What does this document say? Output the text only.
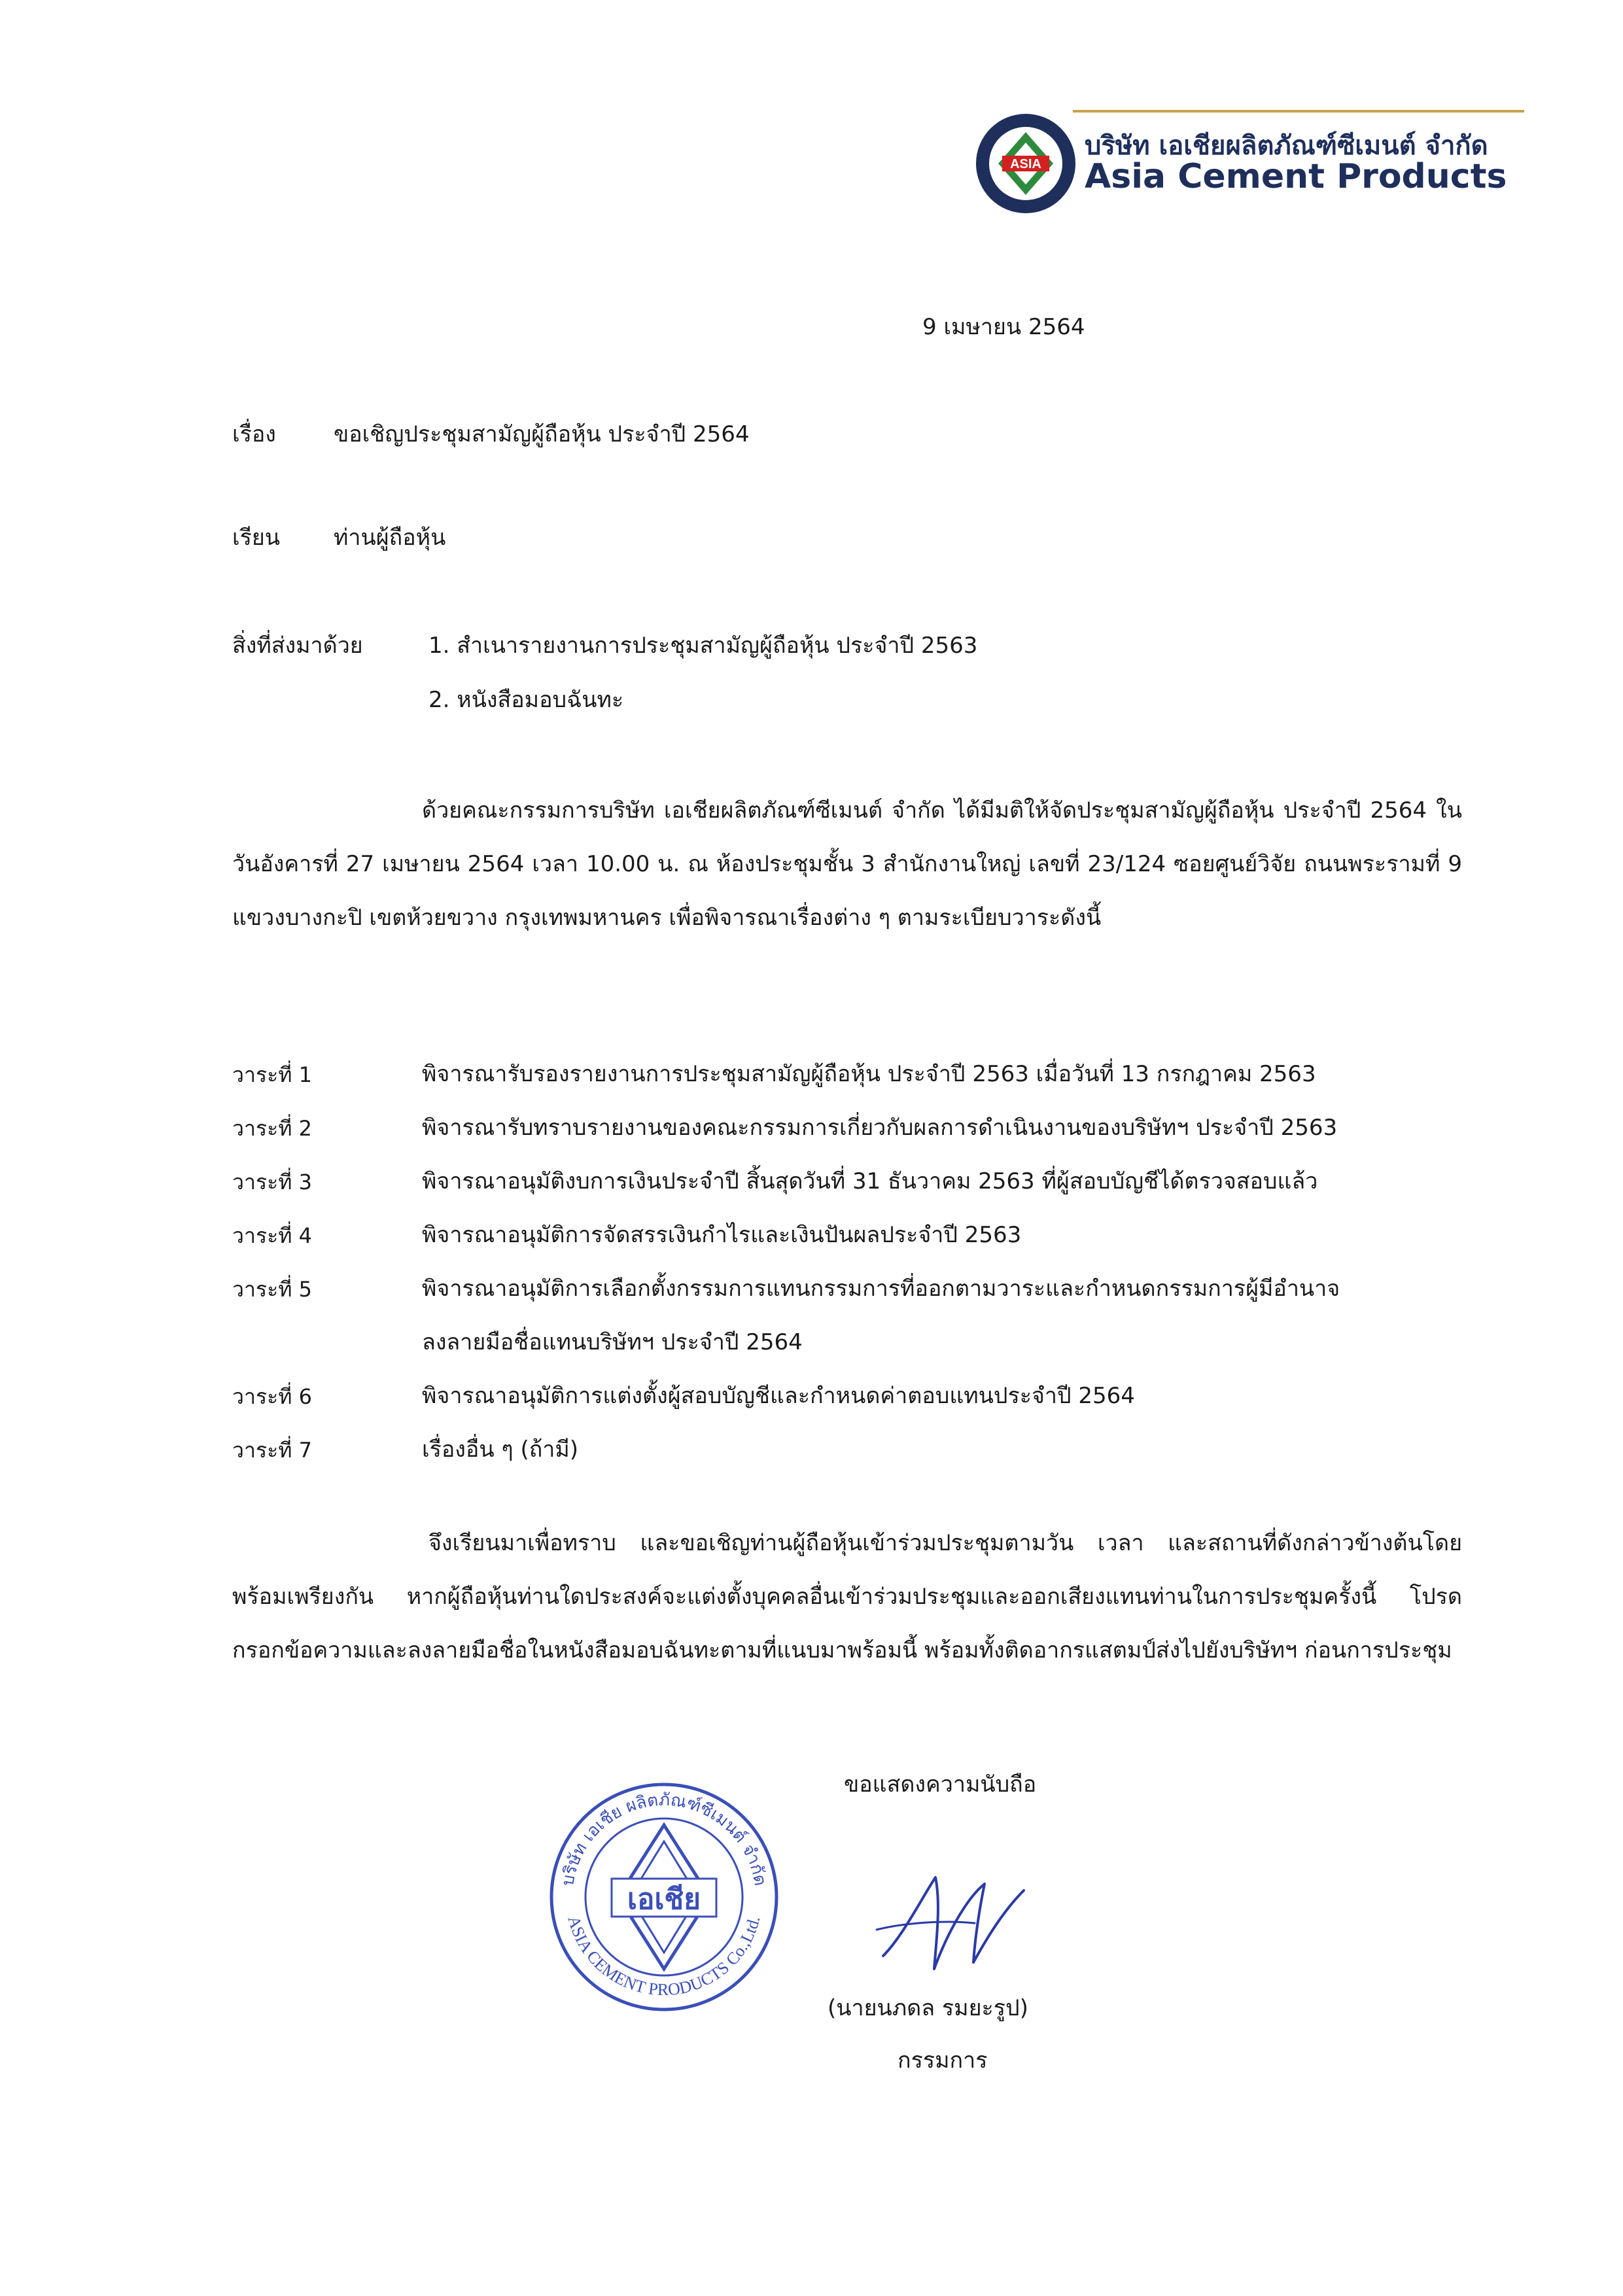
ASIA
บริษัท เอเชียผลิตภัณฑ์ซีเมนต์ จำกัด
Asia Cement Products
9 เมษายน 2564
เรื่อง	ขอเชิญประชุมสามัญผู้ถือหุ้น ประจำปี 2564
เรียน ท่านผู้ถือหุ้น
สิ่งที่ส่งมาด้วย	1. สำเนารายงานการประชุมสามัญผู้ถือหุ้น ประจำปี 2563
2. หนังสือมอบฉันทะ
ด้วยคณะกรรมการบริษัท เอเชียผลิตภัณฑ์ซีเมนต์ จำกัด ได้มีมติให้จัดประชุมสามัญผู้ถือหุ้น ประจำปี 2564 ในวันอังคารที่ 27 เมษายน 2564 เวลา 10.00 น. ณ ห้องประชุมชั้น 3 สำนักงานใหญ่ เลขที่ 23/124 ซอยศูนย์วิจัย ถนนพระรามที่ 9 แขวงบางกะปิ เขตห้วยขวาง กรุงเทพมหานคร เพื่อพิจารณาเรื่องต่าง ๆ ตามระเบียบวาระดังนี้
วาระที่ 1	พิจารณารับรองรายงานการประชุมสามัญผู้ถือหุ้น ประจำปี 2563 เมื่อวันที่ 13 กรกฎาคม 2563
วาระที่ 2	พิจารณารับทราบรายงานของคณะกรรมการเกี่ยวกับผลการดำเนินงานของบริษัทฯ ประจำปี 2563
วาระที่ 3	พิจารณาอนุมัติงบการเงินประจำปี สิ้นสุดวันที่ 31 ธันวาคม 2563 ที่ผู้สอบบัญชีได้ตรวจสอบแล้ว
วาระที่ 4	พิจารณาอนุมัติการจัดสรรเงินกำไรและเงินปันผลประจำปี 2563
วาระที่ 5	พิจารณาอนุมัติการเลือกตั้งกรรมการแทนกรรมการที่ออกตามวาระและกำหนดกรรมการผู้มีอำนาจ
ลงลายมือชื่อแทนบริษัทฯ ประจำปี 2564
วาระที่ 6	พิจารณาอนุมัติการแต่งตั้งผู้สอบบัญชีและกำหนดค่าตอบแทนประจำปี 2564
วาระที่ 7	เรื่องอื่น ๆ (ถ้ามี)
จึงเรียนมาเพื่อทราบ และขอเชิญท่านผู้ถือหุ้นเข้าร่วมประชุมตามวัน เวลา และสถานที่ดังกล่าวข้างต้นโดยพร้อมเพรียงกัน หากผู้ถือหุ้นท่านใดประสงค์จะแต่งตั้งบุคคลอื่นเข้าร่วมประชุมและออกเสียงแทนท่านในการประชุมครั้งนี้ โปรดกรอกข้อความและลงลายมือชื่อในหนังสือมอบฉันทะตามที่แนบมาพร้อมนี้ พร้อมทั้งติดอากรแสตมป์ส่งไปยังบริษัทฯ ก่อนการประชุม
ขอแสดงความนับถือ
บริษัท เอเชีย ผลิตภัณฑ์ซีเมนต์ จำกัด
ASIA CEMENT PRODUCTS Co.,Ltd.
เอเชีย
(นายนภดล รมยะรูป)
กรรมการ
